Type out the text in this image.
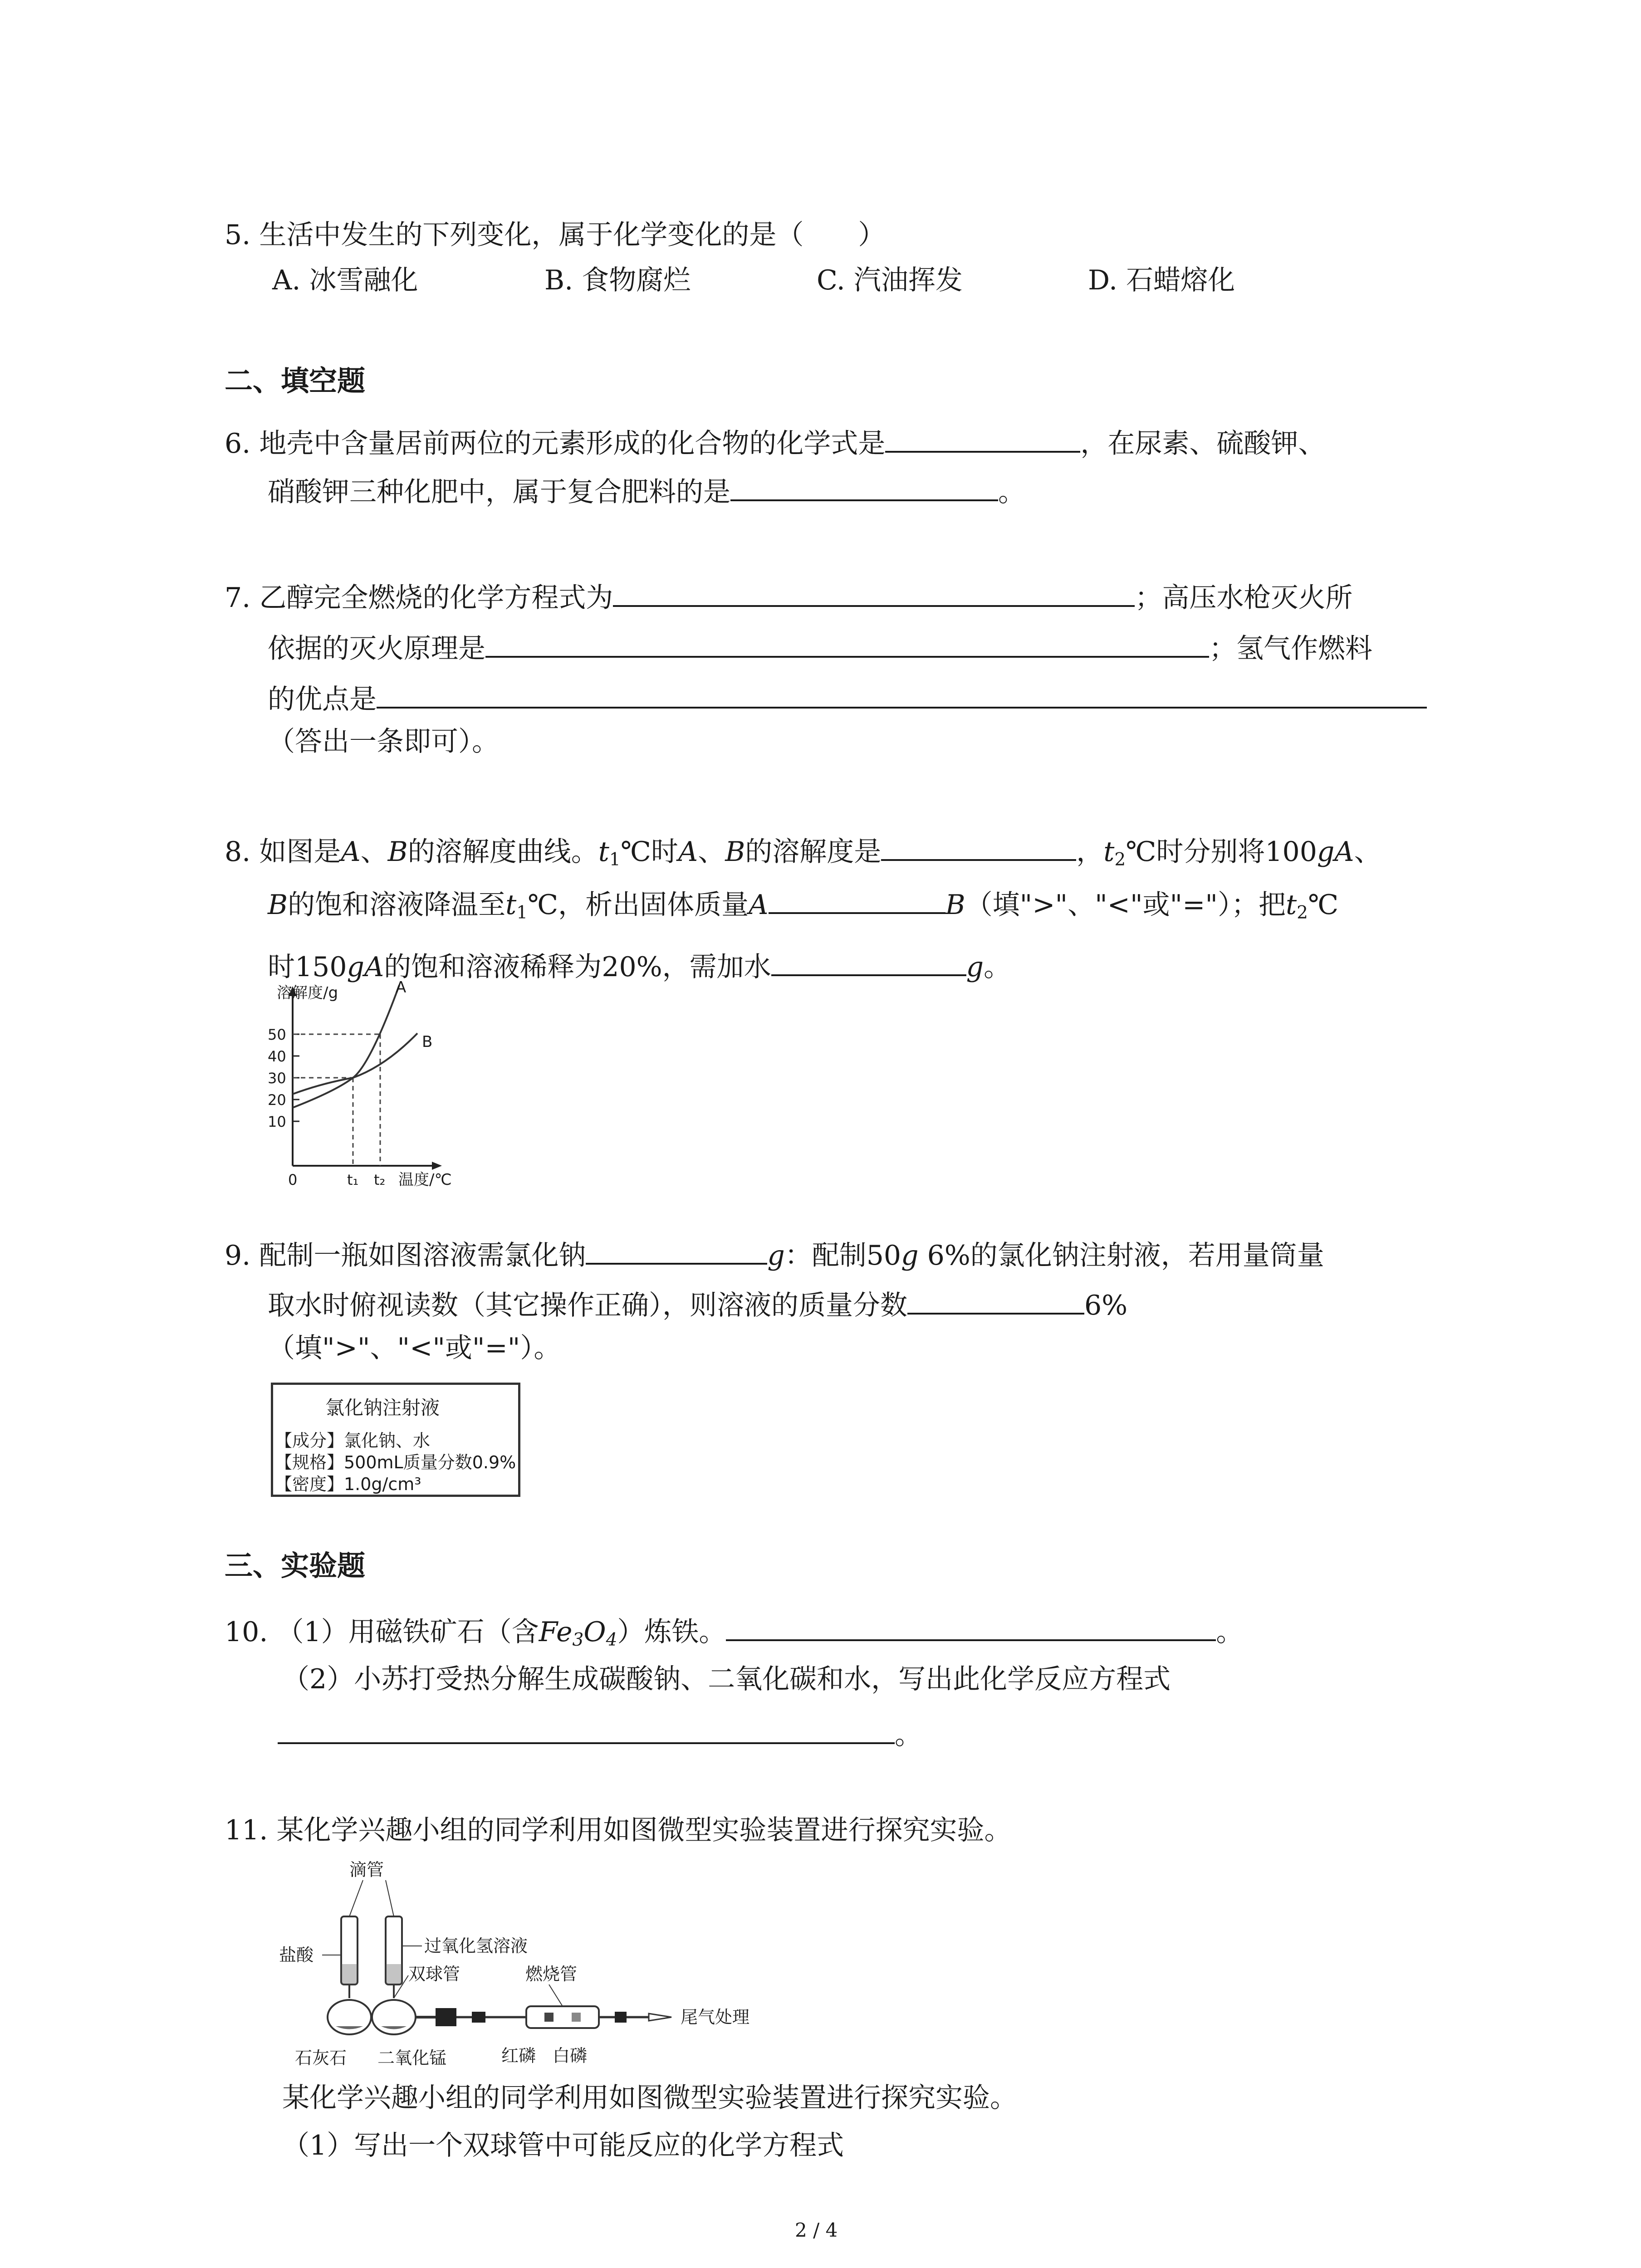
5. 生活中发生的下列变化，属于化学变化的是（　　）
A. 冰雪融化	B. 食物腐烂	C. 汽油挥发	D. 石蜡熔化
二、填空题
6. 地壳中含量居前两位的元素形成的化合物的化学式是	，在尿素、硫酸钾、
硝酸钾三种化肥中，属于复合肥料的是	。
7. 乙醇完全燃烧的化学方程式为	；高压水枪灭火所
依据的灭火原理是	；氢气作燃料
的优点是
（答出一条即可）。
8. 如图是A、B的溶解度曲线。$t_1℃$时A、B的溶解度是	，$t_2℃$时分别将100gA、
B的饱和溶液降温至$t_1℃$，析出固体质量A	B（填">"、"<"或"="）；把$t_2℃$
时150gA的饱和溶液稀释为20%，需加水	g。
溶解度/g	A
B
50
40
30
20
10
0	t₁ t₂ 温度/℃
9. 配制一瓶如图溶液需氯化钠	g：配制50g 6%的氯化钠注射液，若用量筒量
取水时俯视读数（其它操作正确），则溶液的质量分数	6%
（填">"、"<"或"="）。
氯化钠注射液
【成分】氯化钠、水
【规格】500mL质量分数0.9%
【密度】1.0g/cm³
三、实验题
10. （1）用磁铁矿石（含$Fe_3O_4$）炼铁。	。
（2）小苏打受热分解生成碳酸钠、二氧化碳和水，写出此化学反应方程式
。
11. 某化学兴趣小组的同学利用如图微型实验装置进行探究实验。
滴管
盐酸	过氧化氢溶液
双球管	燃烧管
尾气处理
石灰石 二氧化锰	红磷 白磷
某化学兴趣小组的同学利用如图微型实验装置进行探究实验。
（1）写出一个双球管中可能反应的化学方程式
2 / 4
